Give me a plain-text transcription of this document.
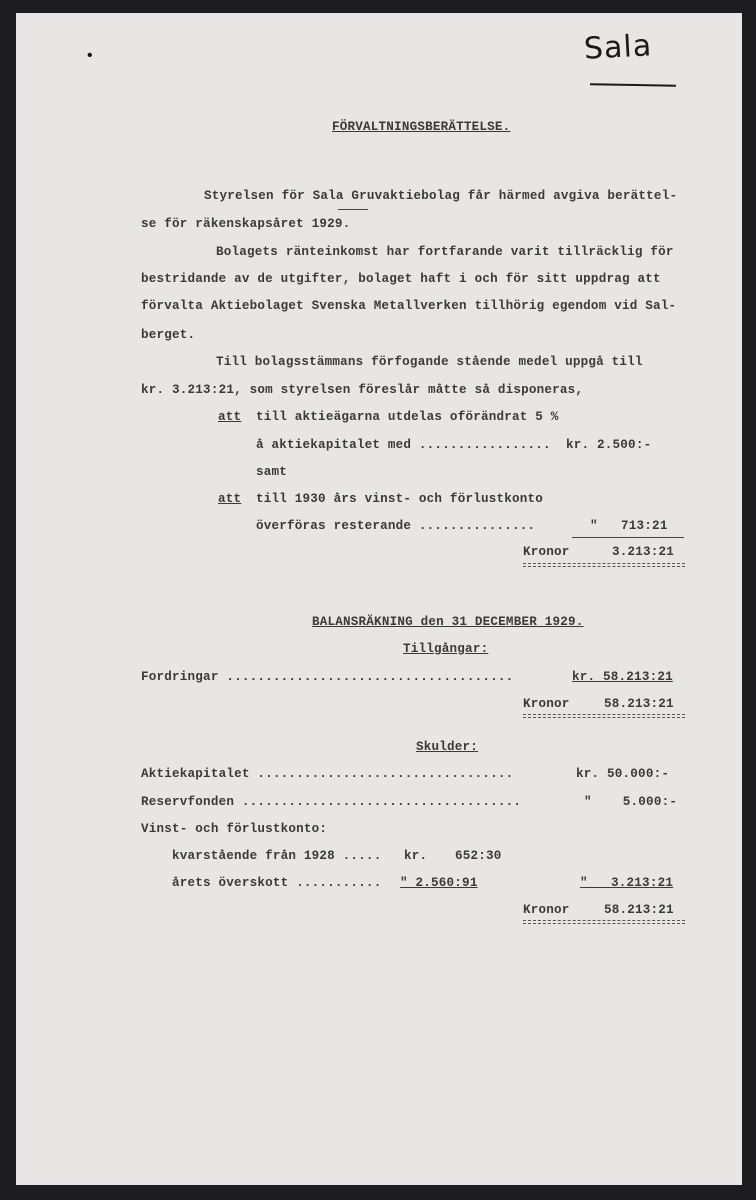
•	Sala
FÖRVALTNINGSBERÄTTELSE.
Styrelsen för Sala Gruvaktiebolag får härmed avgiva berättel-
se för räkenskapsåret 1929.
Bolagets ränteinkomst har fortfarande varit tillräcklig för
bestridande av de utgifter, bolaget haft i och för sitt uppdrag att
förvalta Aktiebolaget Svenska Metallverken tillhörig egendom vid Sal-
berget.
Till bolagsstämmans förfogande stående medel uppgå till
kr. 3.213:21, som styrelsen föreslår måtte så disponeras,
att till aktieägarna utdelas oförändrat 5 %
å aktiekapitalet med ................. kr. 2.500:-
samt
att till 1930 års vinst- och förlustkonto
överföras resterande ...............	"   713:21
Kronor	3.213:21
BALANSRÄKNING den 31 DECEMBER 1929.
Tillgångar:
Fordringar .....................................	kr. 58.213:21
Kronor	58.213:21
Skulder:
Aktiekapitalet .................................	kr. 50.000:-
Reservfonden ....................................	"    5.000:-
Vinst- och förlustkonto:
kvarstående från 1928 ..... kr. 652:30
årets överskott ........... " 2.560:91	"   3.213:21
Kronor	58.213:21
